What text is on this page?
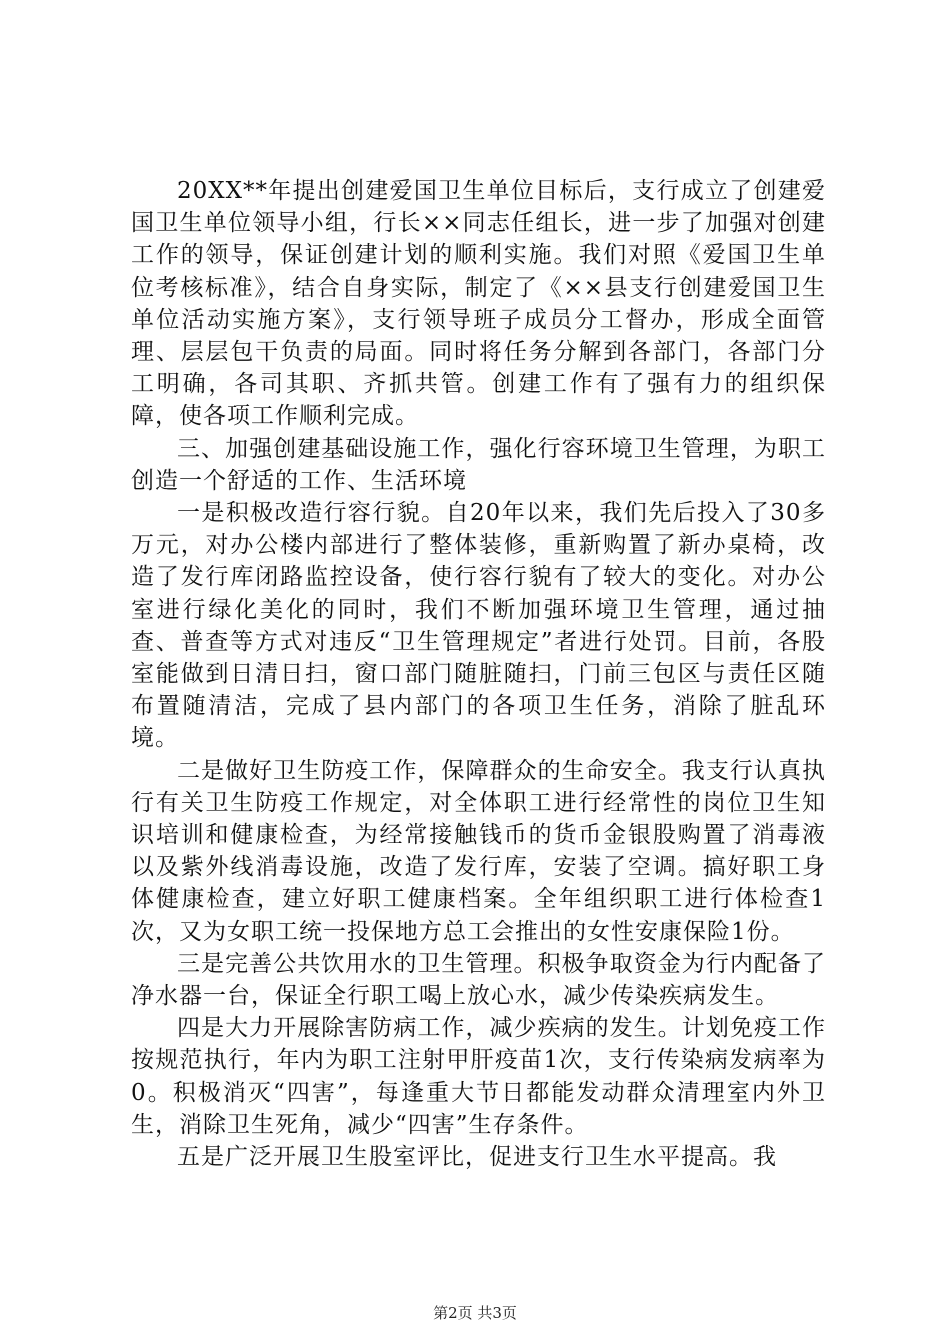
20XX**年提出创建爱国卫生单位目标后，支行成立了创建爱国卫生单位领导小组，行长××同志任组长，进一步了加强对创建工作的领导，保证创建计划的顺利实施。我们对照《爱国卫生单位考核标准》，结合自身实际，制定了《××县支行创建爱国卫生单位活动实施方案》，支行领导班子成员分工督办，形成全面管理、层层包干负责的局面。同时将任务分解到各部门，各部门分工明确，各司其职、齐抓共管。创建工作有了强有力的组织保障，使各项工作顺利完成。

三、加强创建基础设施工作，强化行容环境卫生管理，为职工创造一个舒适的工作、生活环境

一是积极改造行容行貌。自20年以来，我们先后投入了30多万元，对办公楼内部进行了整体装修，重新购置了新办桌椅，改造了发行库闭路监控设备，使行容行貌有了较大的变化。对办公室进行绿化美化的同时，我们不断加强环境卫生管理，通过抽查、普查等方式对违反“卫生管理规定”者进行处罚。目前，各股室能做到日清日扫，窗口部门随脏随扫，门前三包区与责任区随布置随清洁，完成了县内部门的各项卫生任务，消除了脏乱环境。

二是做好卫生防疫工作，保障群众的生命安全。我支行认真执行有关卫生防疫工作规定，对全体职工进行经常性的岗位卫生知识培训和健康检查，为经常接触钱币的货币金银股购置了消毒液以及紫外线消毒设施，改造了发行库，安装了空调。搞好职工身体健康检查，建立好职工健康档案。全年组织职工进行体检查1次，又为女职工统一投保地方总工会推出的女性安康保险1份。

三是完善公共饮用水的卫生管理。积极争取资金为行内配备了净水器一台，保证全行职工喝上放心水，减少传染疾病发生。

四是大力开展除害防病工作，减少疾病的发生。计划免疫工作按规范执行，年内为职工注射甲肝疫苗1次，支行传染病发病率为0。积极消灭“四害”，每逢重大节日都能发动群众清理室内外卫生，消除卫生死角，减少“四害”生存条件。

五是广泛开展卫生股室评比，促进支行卫生水平提高。我

第2页 共3页
